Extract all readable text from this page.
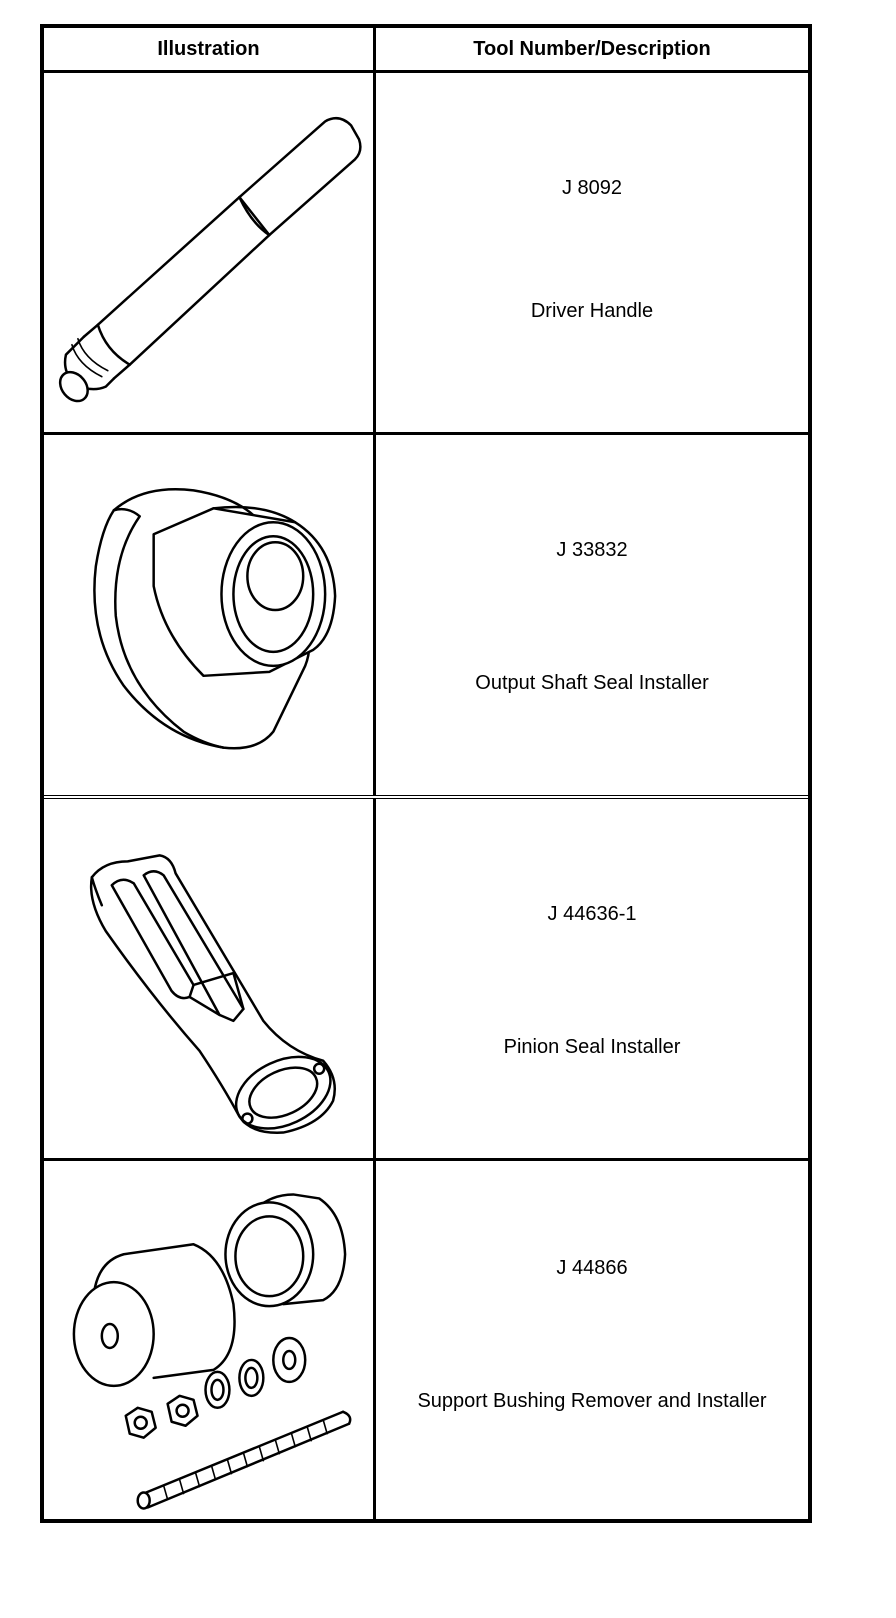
Illustration	Tool Number/Description
J 8092
Driver Handle
J 33832
Output Shaft Seal Installer
J 44636-1
Pinion Seal Installer
J 44866
Support Bushing Remover and Installer
